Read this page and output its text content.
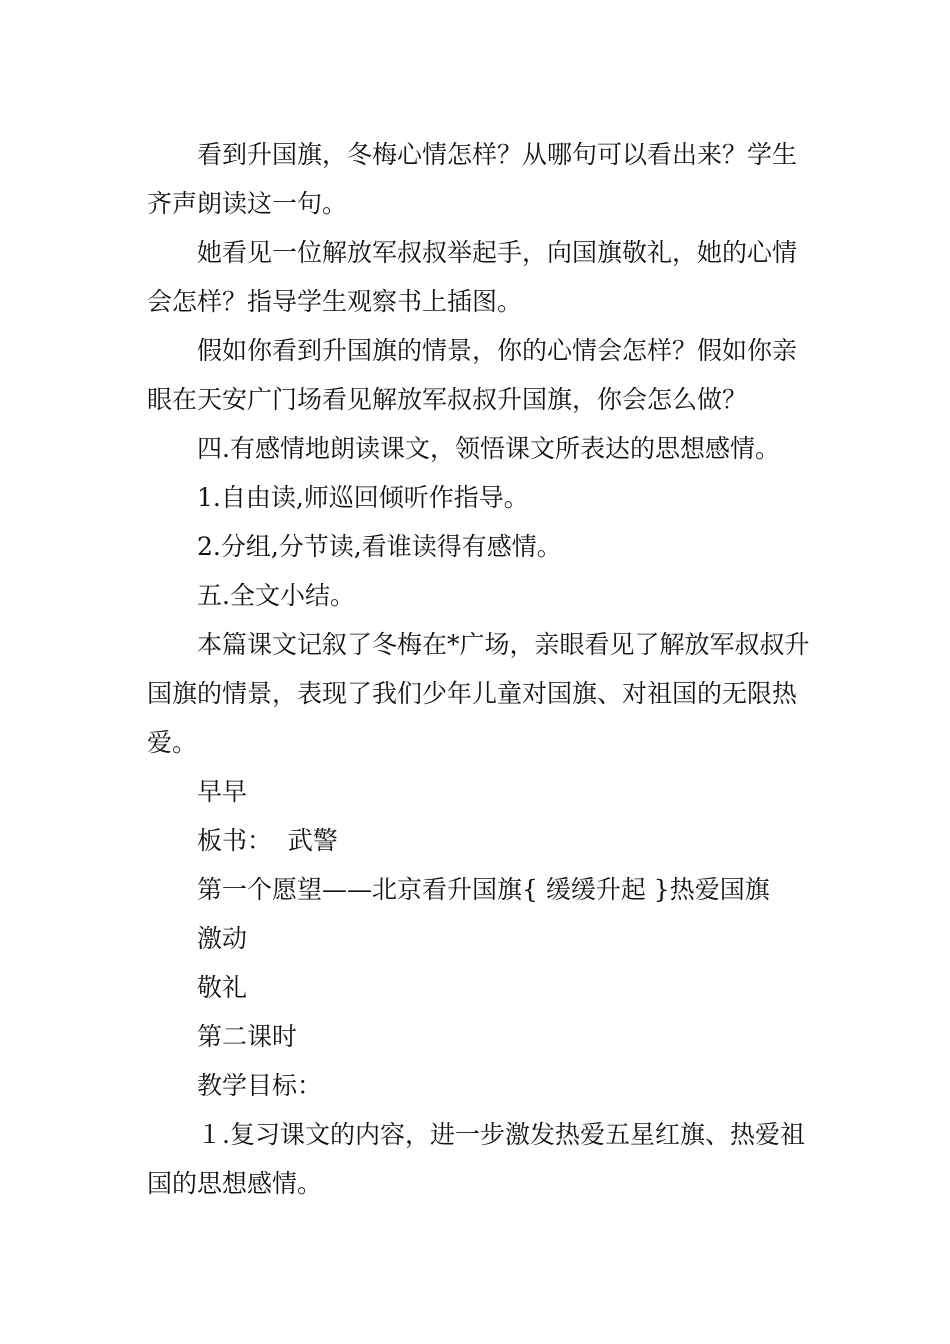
看到升国旗，冬梅心情怎样？从哪句可以看出来？学生齐声朗读这一句。

她看见一位解放军叔叔举起手，向国旗敬礼，她的心情会怎样？指导学生观察书上插图。

假如你看到升国旗的情景，你的心情会怎样？假如你亲眼在天安广门场看见解放军叔叔升国旗，你会怎么做？

四.有感情地朗读课文，领悟课文所表达的思想感情。

1.自由读,师巡回倾听作指导。

2.分组,分节读,看谁读得有感情。

五.全文小结。

本篇课文记叙了冬梅在*广场，亲眼看见了解放军叔叔升国旗的情景，表现了我们少年儿童对国旗、对祖国的无限热爱。

早早

板书：  武警

第一个愿望——北京看升国旗{ 缓缓升起 }热爱国旗

激动

敬礼

第二课时

教学目标：

１.复习课文的内容，进一步激发热爱五星红旗、热爱祖国的思想感情。
